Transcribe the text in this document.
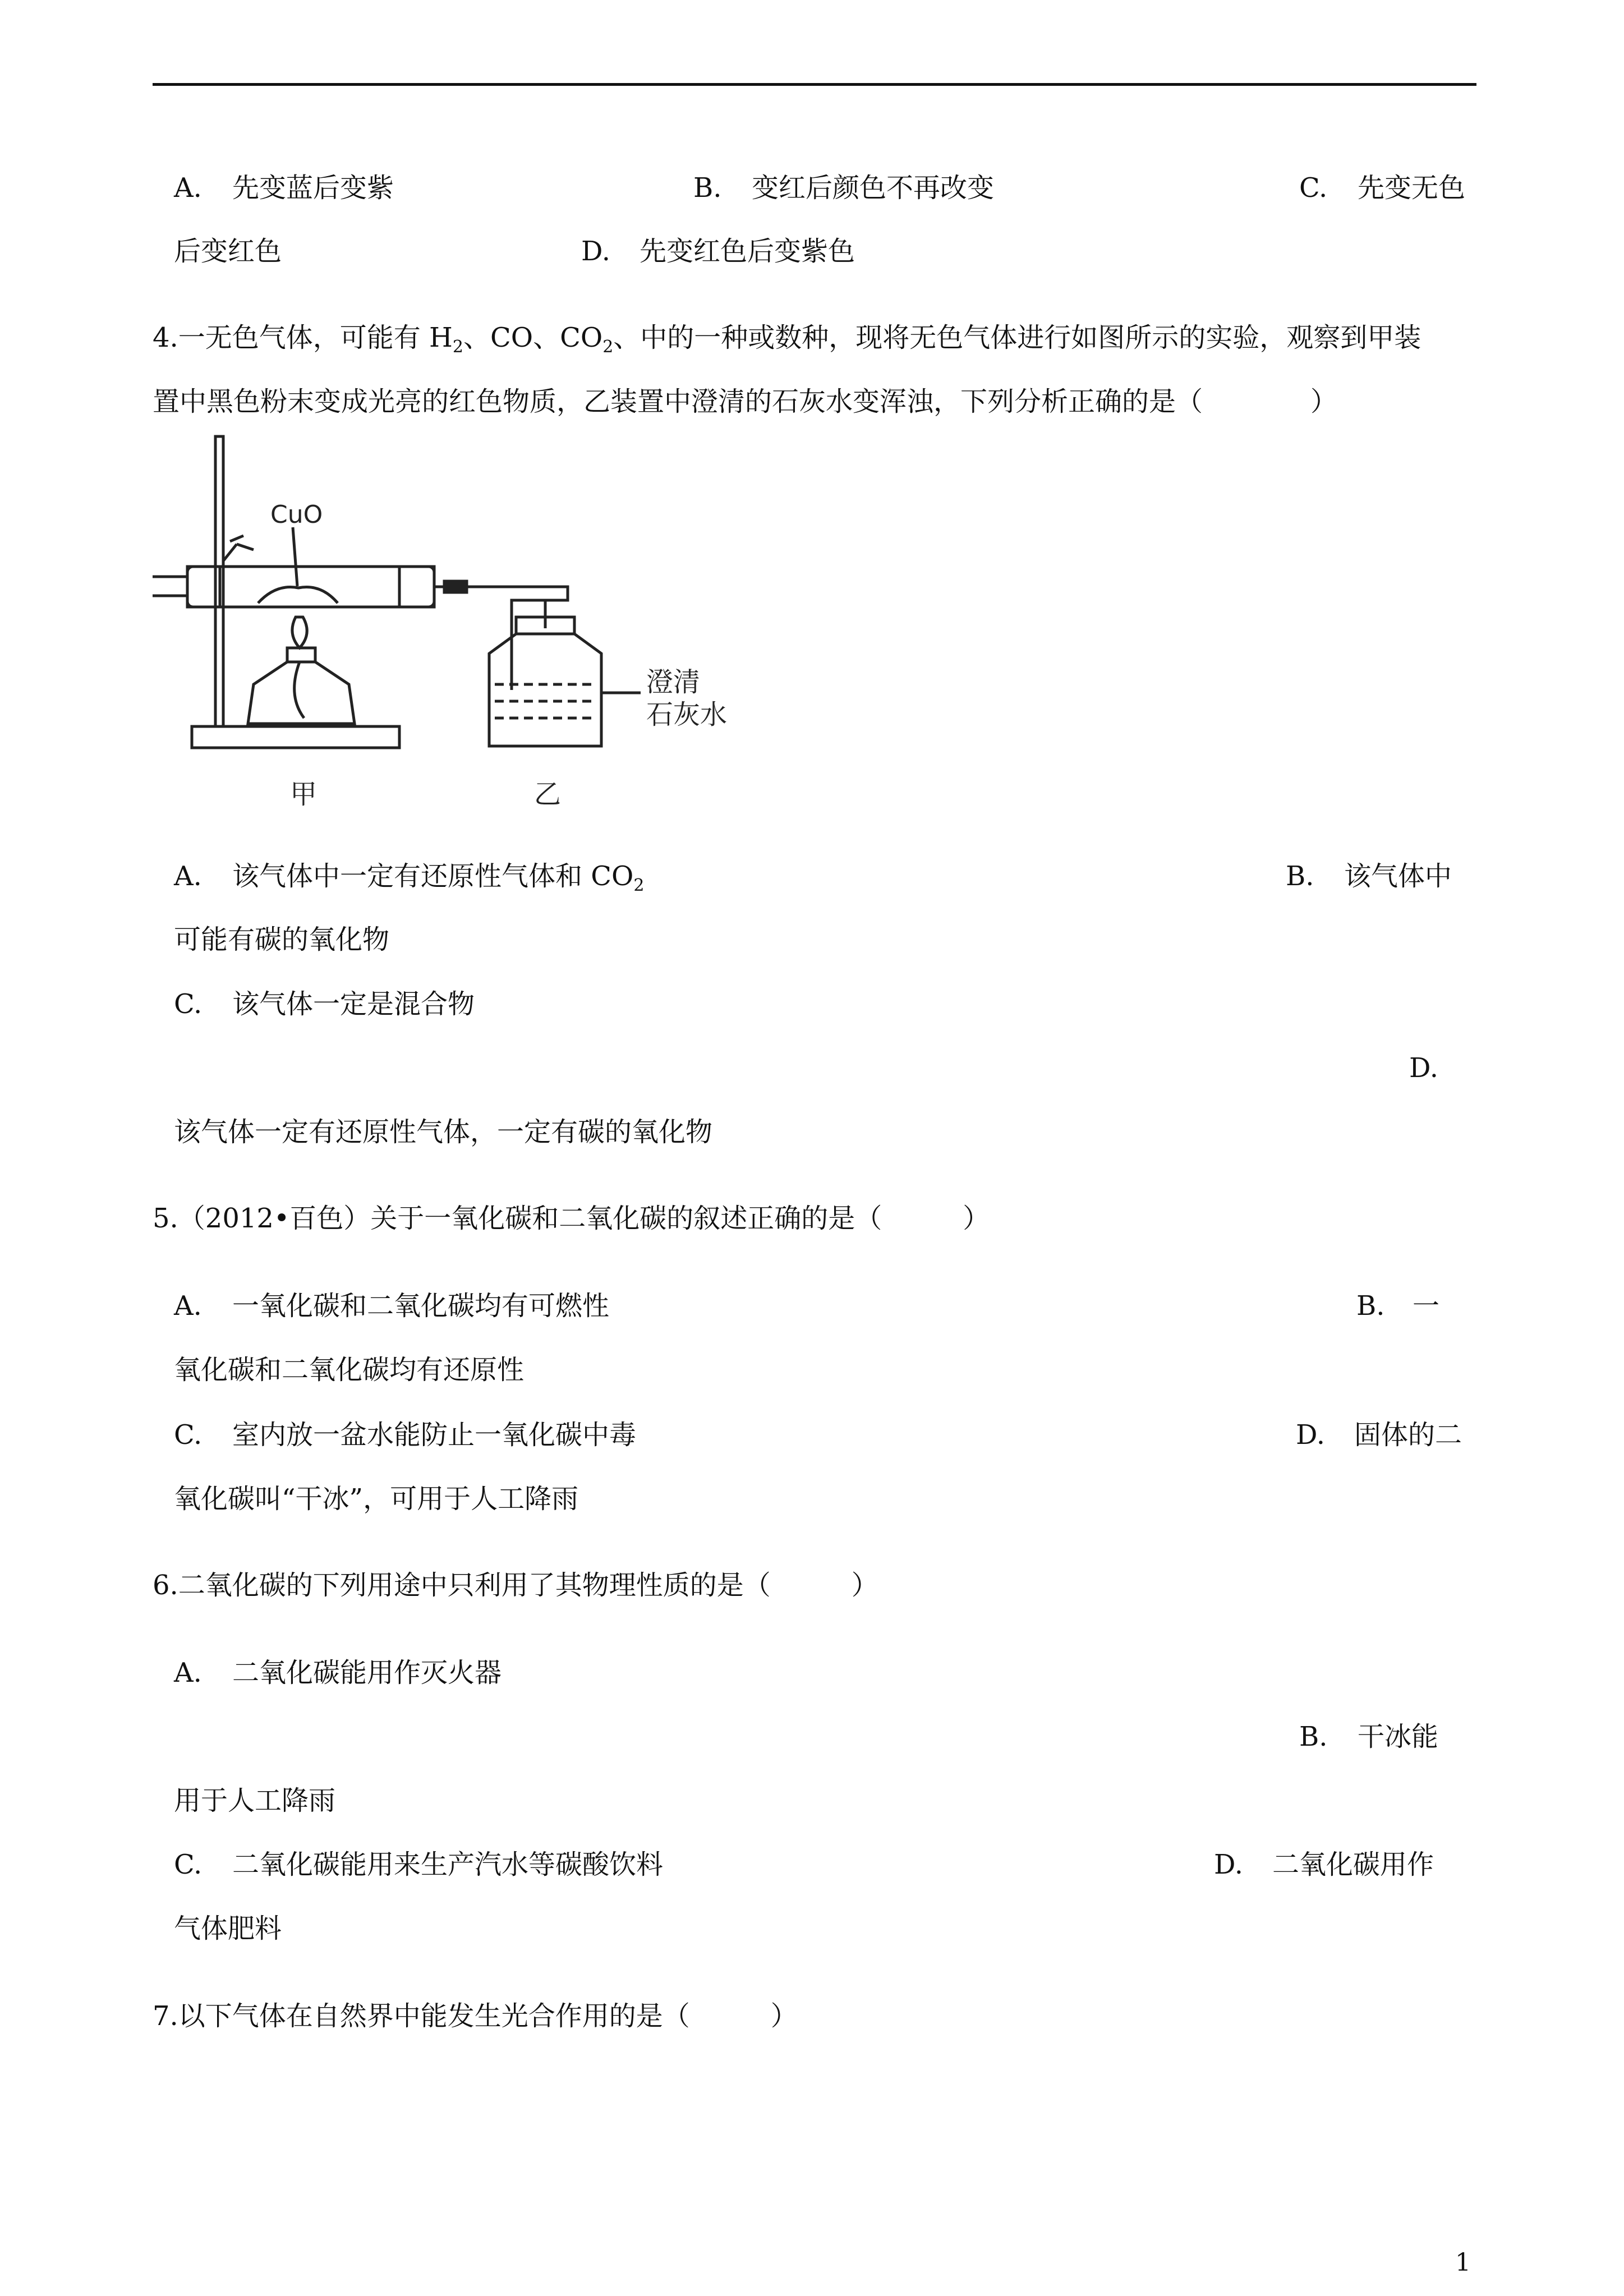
A.	先变蓝后变紫	B.	变红后颜色不再改变	C.	先变无色
后变红色	D.	先变红色后变紫色
4.一无色气体，可能有 $H_2$、CO、$CO_2$、中的一种或数种，现将无色气体进行如图所示的实验，观察到甲装
置中黑色粉末变成光亮的红色物质，乙装置中澄清的石灰水变浑浊，下列分析正确的是（　　　　）
CuO
澄清
石灰水
甲	乙
A.	该气体中一定有还原性气体和 $CO_2$	B.	该气体中
可能有碳的氧化物
C.	该气体一定是混合物
D.
该气体一定有还原性气体，一定有碳的氧化物
5.（2012•百色）关于一氧化碳和二氧化碳的叙述正确的是（　　　）
A.	一氧化碳和二氧化碳均有可燃性	B.	一
氧化碳和二氧化碳均有还原性
C.	室内放一盆水能防止一氧化碳中毒	D.	固体的二
氧化碳叫“干冰”，可用于人工降雨
6.二氧化碳的下列用途中只利用了其物理性质的是（　　　）
A.	二氧化碳能用作灭火器
B.	干冰能
用于人工降雨
C.	二氧化碳能用来生产汽水等碳酸饮料	D.	二氧化碳用作
气体肥料
7.以下气体在自然界中能发生光合作用的是（　　　）
1
